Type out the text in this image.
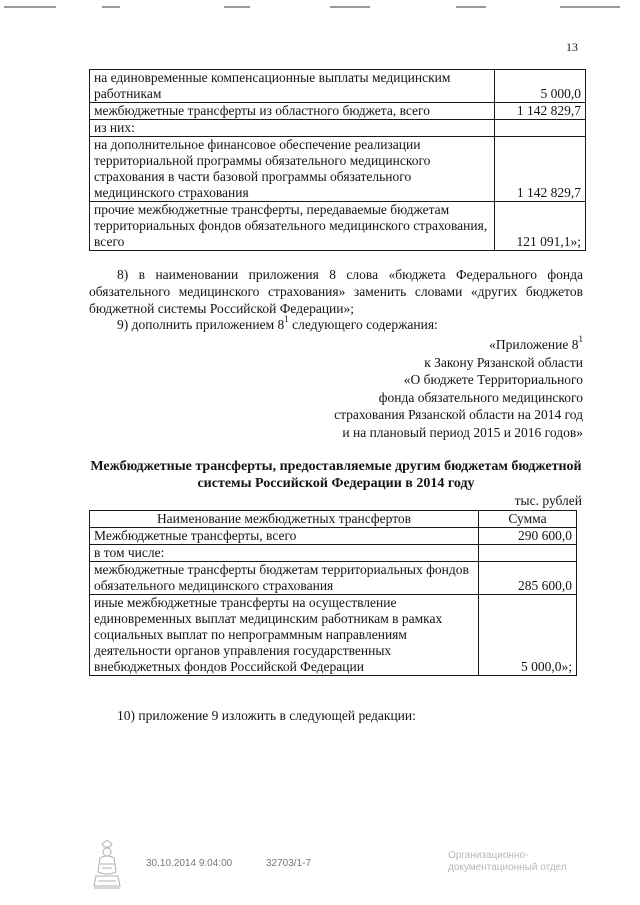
13
на единовременные компенсационные выплаты медицинским работникам	5 000,0
межбюджетные трансферты из областного бюджета, всего	1 142 829,7
из них:	
на дополнительное финансовое обеспечение реализации территориальной программы обязательного медицинского страхования в части базовой программы обязательного медицинского страхования	1 142 829,7
прочие межбюджетные трансферты, передаваемые бюджетам территориальных фондов обязательного медицинского страхования, всего	121 091,1»;
8) в наименовании приложения 8 слова «бюджета Федерального фонда обязательного медицинского страхования» заменить словами «других бюджетов бюджетной системы Российской Федерации»;
9) дополнить приложением $8^1$ следующего содержания:
«Приложение $8^1$
к Закону Рязанской области
«О бюджете Территориального
фонда обязательного медицинского
страхования Рязанской области на 2014 год
и на плановый период 2015 и 2016 годов»
Межбюджетные трансферты, предоставляемые другим бюджетам бюджетной системы Российской Федерации в 2014 году
тыс. рублей
Наименование межбюджетных трансфертов	Сумма
Межбюджетные трансферты, всего	290 600,0
в том числе:	
межбюджетные трансферты бюджетам территориальных фондов обязательного медицинского страхования	285 600,0
иные межбюджетные трансферты на осуществление единовременных выплат медицинским работникам в рамках социальных выплат по непрограммным направлениям деятельности органов управления государственных внебюджетных фондов Российской Федерации	5 000,0»;
10) приложение 9 изложить в следующей редакции:
30.10.2014 9:04:00	32703/1-7
Организационно-
документационный отдел
